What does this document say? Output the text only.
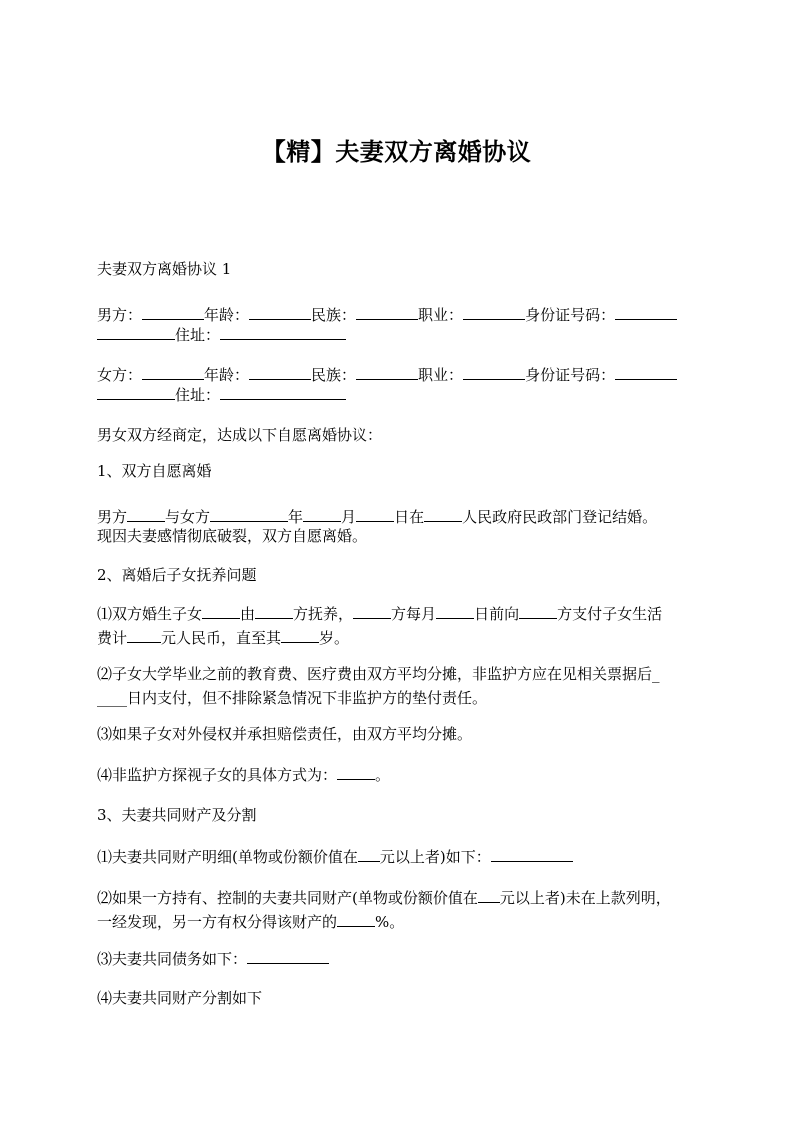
【精】夫妻双方离婚协议
夫妻双方离婚协议 1
男方：	年龄：	民族：	职业：	身份证号码：
住址：
女方：	年龄：	民族：	职业：	身份证号码：
住址：
男女双方经商定，达成以下自愿离婚协议：
1、双方自愿离婚
男方	与女方	年	月	日在	人民政府民政部门登记结婚。
现因夫妻感情彻底破裂，双方自愿离婚。
2、离婚后子女抚养问题
⑴双方婚生子女	由	方抚养，	方每月	日前向	方支付子女生活
费计 元人民币，直至其	岁。
⑵子女大学毕业之前的教育费、医疗费由双方平均分摊，非监护方应在见相关票据后_
____日内支付，但不排除紧急情况下非监护方的垫付责任。
⑶如果子女对外侵权并承担赔偿责任，由双方平均分摊。
⑷非监护方探视子女的具体方式为：	。
3、夫妻共同财产及分割
⑴夫妻共同财产明细(单物或份额价值在 元以上者)如下：
⑵如果一方持有、控制的夫妻共同财产(单物或份额价值在 元以上者)未在上款列明，
一经发现，另一方有权分得该财产的	%。
⑶夫妻共同债务如下：
⑷夫妻共同财产分割如下
